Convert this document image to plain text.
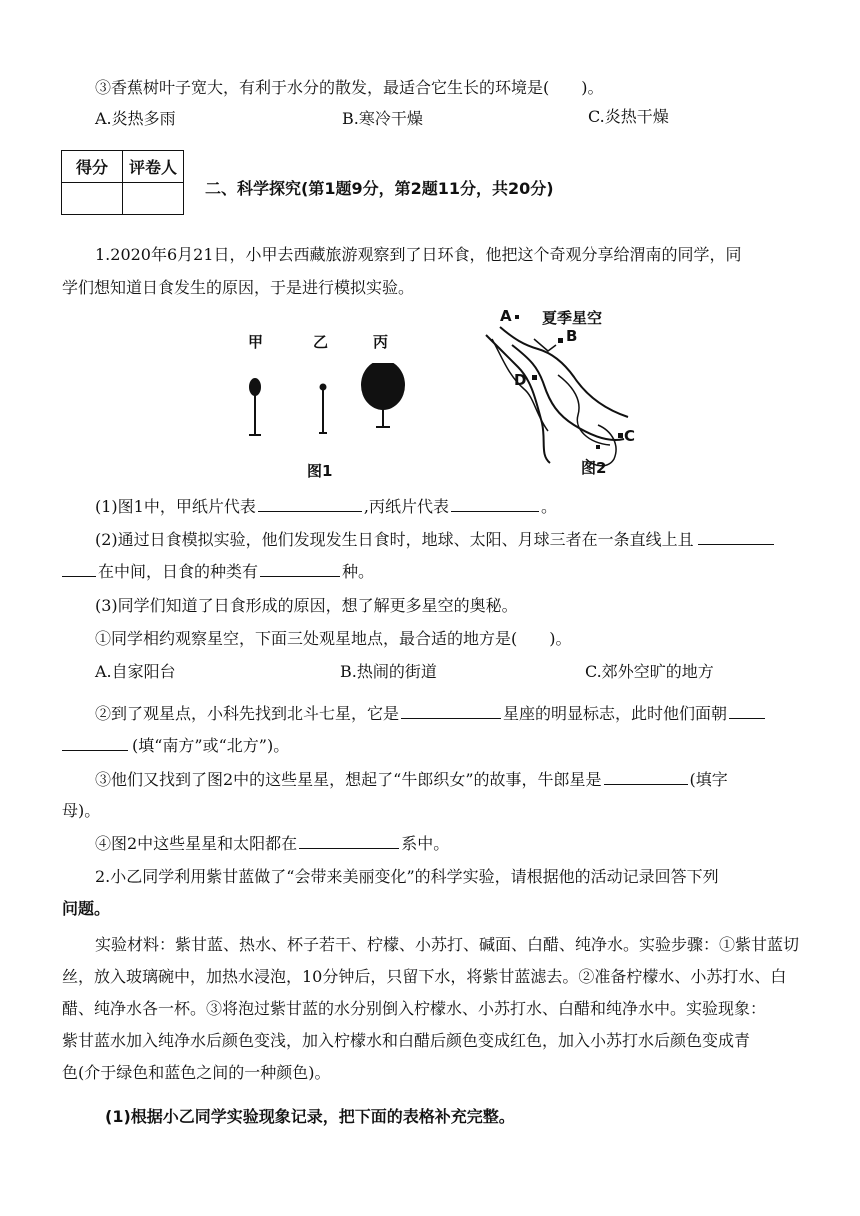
③香蕉树叶子宽大，有利于水分的散发，最适合它生长的环境是(　　)。
A.炎热多雨	B.寒冷干燥	C.炎热干燥
得分	评卷人

二、科学探究(第1题9分，第2题11分，共20分)
1.2020年6月21日，小甲去西藏旅游观察到了日环食，他把这个奇观分享给渭南的同学，同
学们想知道日食发生的原因，于是进行模拟实验。
甲	乙	丙
图1
夏季星空
A
B
D
C
图2
(1)图1中，甲纸片代表	,丙纸片代表	。
(2)通过日食模拟实验，他们发现发生日食时，地球、太阳、月球三者在一条直线上且
在中间，日食的种类有	种。
(3)同学们知道了日食形成的原因，想了解更多星空的奥秘。
①同学相约观察星空，下面三处观星地点，最合适的地方是(　　)。
A.自家阳台	B.热闹的街道	C.郊外空旷的地方
②到了观星点，小科先找到北斗七星，它是	星座的明显标志，此时他们面朝
(填“南方”或“北方”)。
③他们又找到了图2中的这些星星，想起了“牛郎织女”的故事，牛郎星是	(填字
母)。
④图2中这些星星和太阳都在	系中。
2.小乙同学利用紫甘蓝做了“会带来美丽变化”的科学实验，请根据他的活动记录回答下列
问题。
实验材料：紫甘蓝、热水、杯子若干、柠檬、小苏打、碱面、白醋、纯净水。实验步骤：①紫甘蓝切
丝，放入玻璃碗中，加热水浸泡，10分钟后，只留下水，将紫甘蓝滤去。②准备柠檬水、小苏打水、白
醋、纯净水各一杯。③将泡过紫甘蓝的水分别倒入柠檬水、小苏打水、白醋和纯净水中。实验现象：
紫甘蓝水加入纯净水后颜色变浅，加入柠檬水和白醋后颜色变成红色，加入小苏打水后颜色变成青
色(介于绿色和蓝色之间的一种颜色)。
(1)根据小乙同学实验现象记录，把下面的表格补充完整。
